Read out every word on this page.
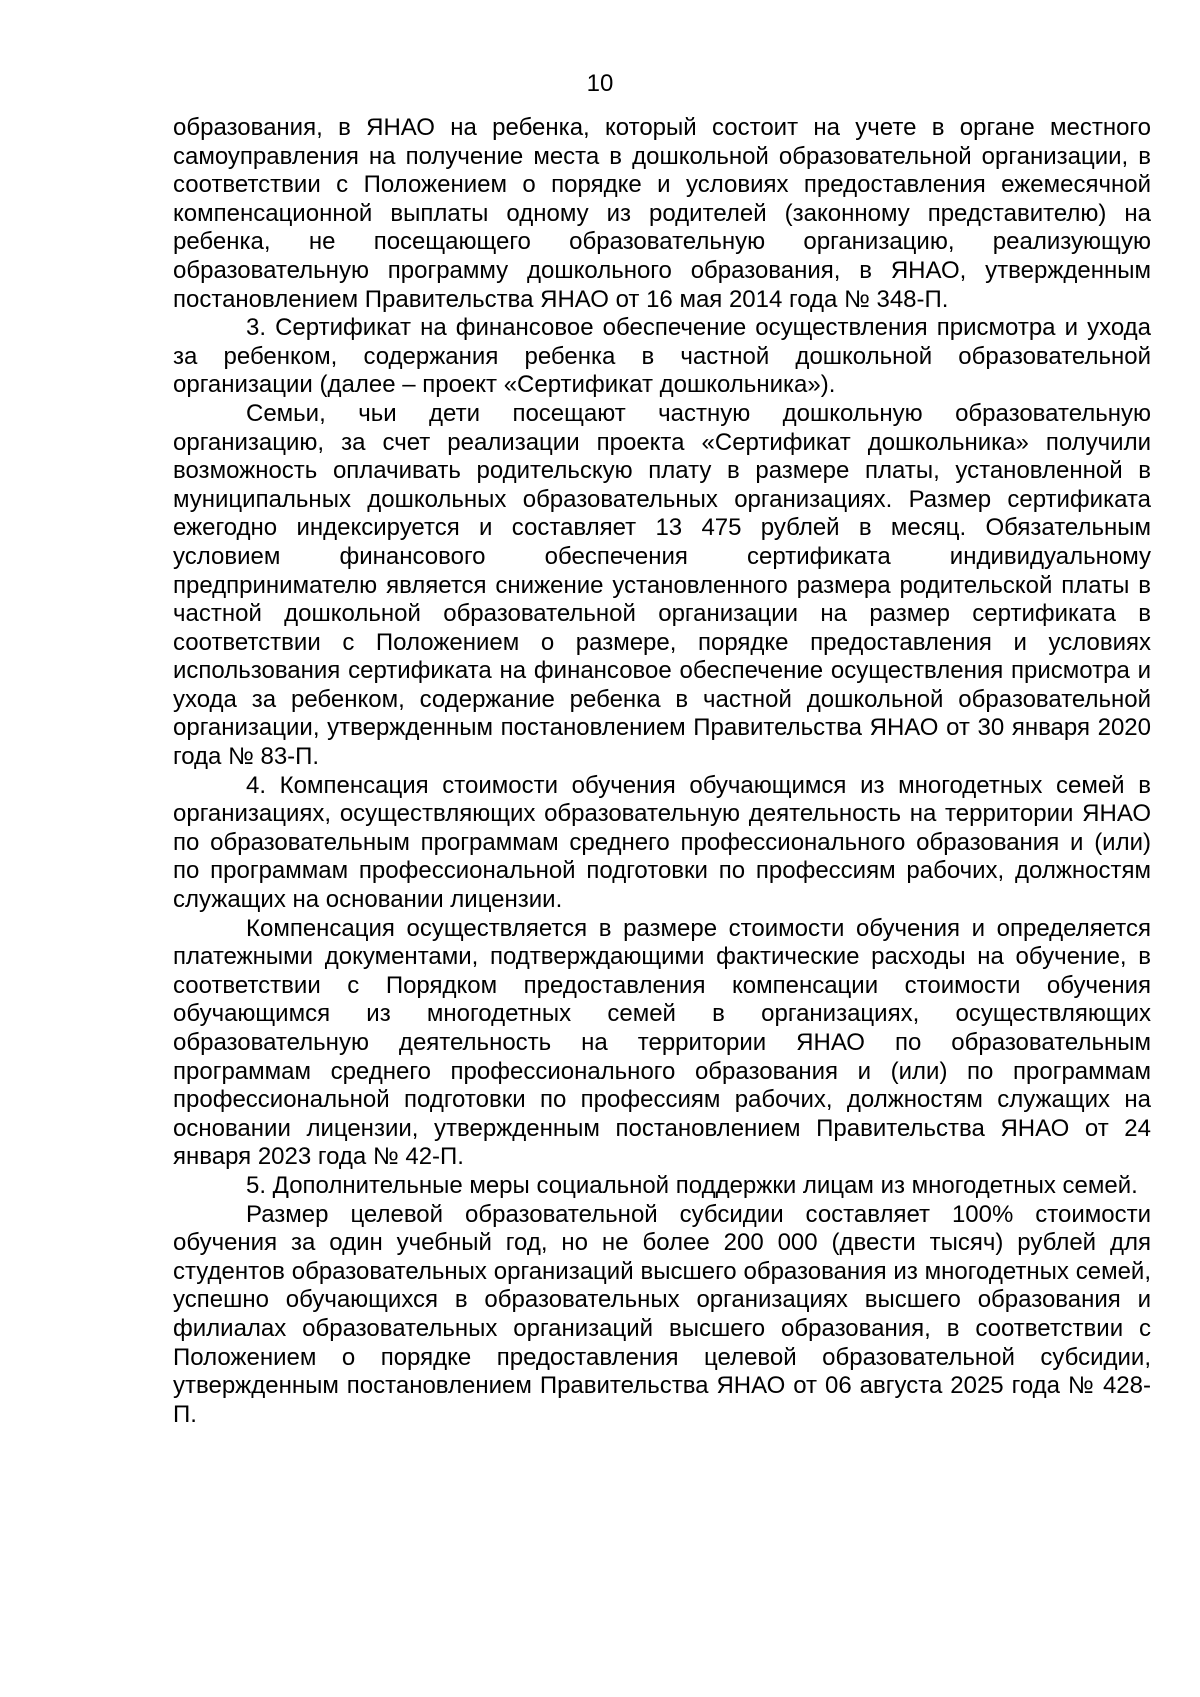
10

образования, в ЯНАО на ребенка, который состоит на учете в органе местного самоуправления на получение места в дошкольной образовательной организации, в соответствии с Положением о порядке и условиях предоставления ежемесячной компенсационной выплаты одному из родителей (законному представителю) на ребенка, не посещающего образовательную организацию, реализующую образовательную программу дошкольного образования, в ЯНАО, утвержденным постановлением Правительства ЯНАО от 16 мая 2014 года № 348-П.

3. Сертификат на финансовое обеспечение осуществления присмотра и ухода за ребенком, содержания ребенка в частной дошкольной образовательной организации (далее – проект «Сертификат дошкольника»).

Семьи, чьи дети посещают частную дошкольную образовательную организацию, за счет реализации проекта «Сертификат дошкольника» получили возможность оплачивать родительскую плату в размере платы, установленной в муниципальных дошкольных образовательных организациях. Размер сертификата ежегодно индексируется и составляет 13 475 рублей в месяц. Обязательным условием финансового обеспечения сертификата индивидуальному предпринимателю является снижение установленного размера родительской платы в частной дошкольной образовательной организации на размер сертификата в соответствии с Положением о размере, порядке предоставления и условиях использования сертификата на финансовое обеспечение осуществления присмотра и ухода за ребенком, содержание ребенка в частной дошкольной образовательной организации, утвержденным постановлением Правительства ЯНАО от 30 января 2020 года № 83-П.

4. Компенсация стоимости обучения обучающимся из многодетных семей в организациях, осуществляющих образовательную деятельность на территории ЯНАО по образовательным программам среднего профессионального образования и (или) по программам профессиональной подготовки по профессиям рабочих, должностям служащих на основании лицензии.

Компенсация осуществляется в размере стоимости обучения и определяется платежными документами, подтверждающими фактические расходы на обучение, в соответствии с Порядком предоставления компенсации стоимости обучения обучающимся из многодетных семей в организациях, осуществляющих образовательную деятельность на территории ЯНАО по образовательным программам среднего профессионального образования и (или) по программам профессиональной подготовки по профессиям рабочих, должностям служащих на основании лицензии, утвержденным постановлением Правительства ЯНАО от 24 января 2023 года № 42-П.

5. Дополнительные меры социальной поддержки лицам из многодетных семей.

Размер целевой образовательной субсидии составляет 100% стоимости обучения за один учебный год, но не более 200 000 (двести тысяч) рублей для студентов образовательных организаций высшего образования из многодетных семей, успешно обучающихся в образовательных организациях высшего образования и филиалах образовательных организаций высшего образования, в соответствии с Положением о порядке предоставления целевой образовательной субсидии, утвержденным постановлением Правительства ЯНАО от 06 августа 2025 года № 428-П.
